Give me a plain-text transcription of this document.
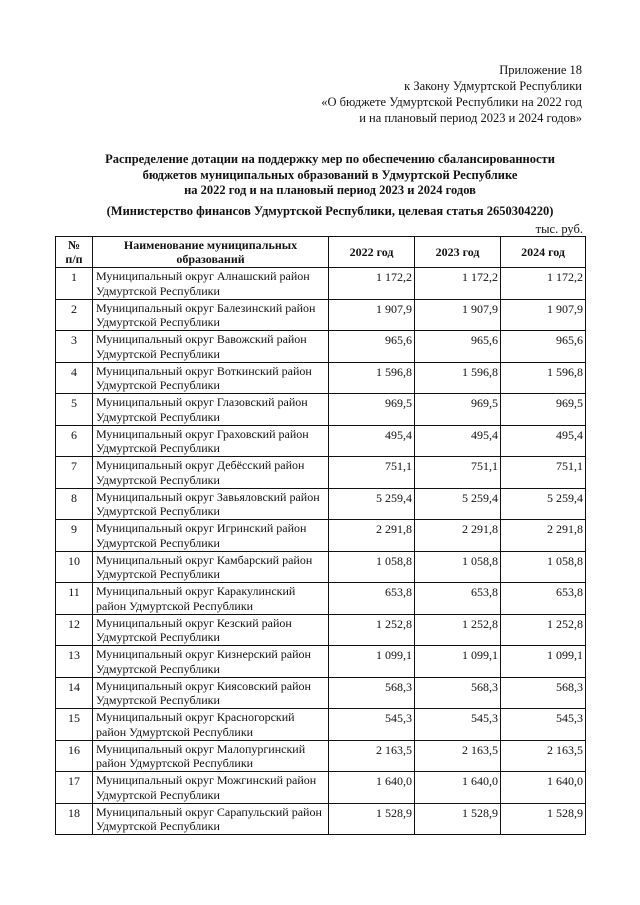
Приложение 18
к Закону Удмуртской Республики
«О бюджете Удмуртской Республики на 2022 год
и на плановый период 2023 и 2024 годов»
Распределение дотации на поддержку мер по обеспечению сбалансированности
бюджетов муниципальных образований в Удмуртской Республике
на 2022 год и на плановый период 2023 и 2024 годов
(Министерство финансов Удмуртской Республики, целевая статья 2650304220)
тыс. руб.
№
п/п	Наименование муниципальных образований	2022 год	2023 год	2024 год
1	Муниципальный округ Алнашский район Удмуртской Республики	1 172,2	1 172,2	1 172,2
2	Муниципальный округ Балезинский район Удмуртской Республики	1 907,9	1 907,9	1 907,9
3	Муниципальный округ Вавожский район Удмуртской Республики	965,6	965,6	965,6
4	Муниципальный округ Воткинский район Удмуртской Республики	1 596,8	1 596,8	1 596,8
5	Муниципальный округ Глазовский район Удмуртской Республики	969,5	969,5	969,5
6	Муниципальный округ Граховский район Удмуртской Республики	495,4	495,4	495,4
7	Муниципальный округ Дебёсский район Удмуртской Республики	751,1	751,1	751,1
8	Муниципальный округ Завьяловский район Удмуртской Республики	5 259,4	5 259,4	5 259,4
9	Муниципальный округ Игринский район Удмуртской Республики	2 291,8	2 291,8	2 291,8
10	Муниципальный округ Камбарский район Удмуртской Республики	1 058,8	1 058,8	1 058,8
11	Муниципальный округ Каракулинский район Удмуртской Республики	653,8	653,8	653,8
12	Муниципальный округ Кезский район Удмуртской Республики	1 252,8	1 252,8	1 252,8
13	Муниципальный округ Кизнерский район Удмуртской Республики	1 099,1	1 099,1	1 099,1
14	Муниципальный округ Киясовский район Удмуртской Республики	568,3	568,3	568,3
15	Муниципальный округ Красногорский район Удмуртской Республики	545,3	545,3	545,3
16	Муниципальный округ Малопургинский район Удмуртской Республики	2 163,5	2 163,5	2 163,5
17	Муниципальный округ Можгинский район Удмуртской Республики	1 640,0	1 640,0	1 640,0
18	Муниципальный округ Сарапульский район Удмуртской Республики	1 528,9	1 528,9	1 528,9
